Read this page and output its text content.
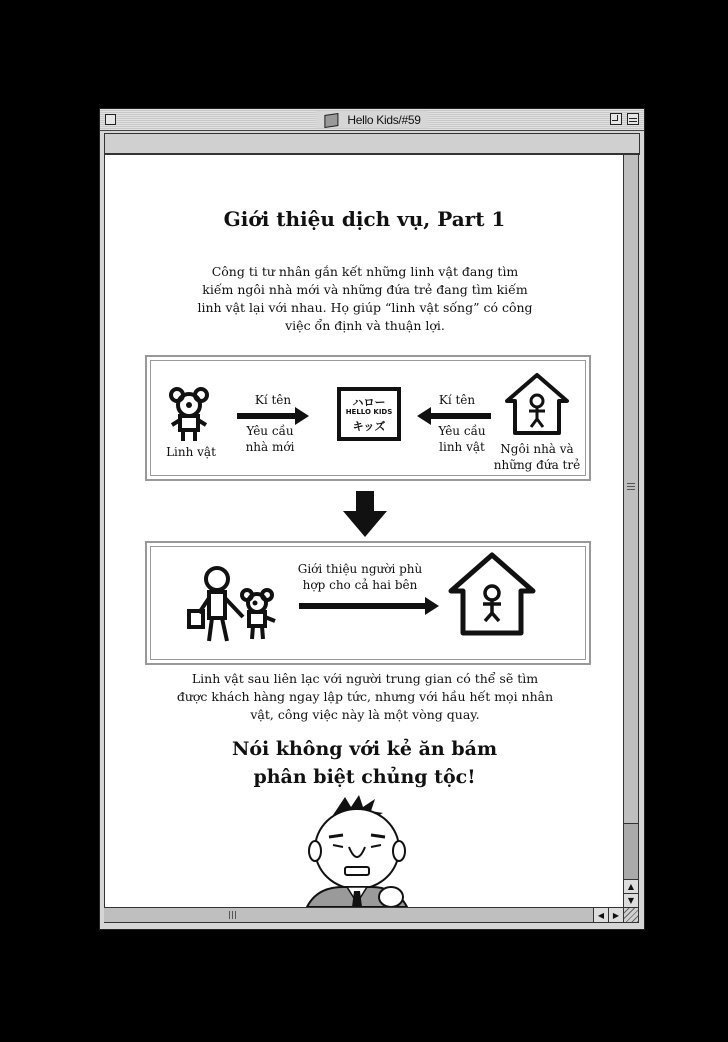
Hello Kids/#59
Giới thiệu dịch vụ, Part 1
Công ti tư nhân gắn kết những linh vật đang tìm kiếm ngôi nhà mới và những đứa trẻ đang tìm kiếm linh vật lại với nhau. Họ giúp “linh vật sống” có công việc ổn định và thuận lợi.
Linh vật
Kí tên
Yêu cầu nhà mới
ハロー
HELLO KIDS
キッズ
Kí tên
Yêu cầu linh vật	Ngôi nhà và những đứa trẻ
Giới thiệu người phù hợp cho cả hai bên
Linh vật sau liên lạc với người trung gian có thể sẽ tìm được khách hàng ngay lập tức, nhưng với hầu hết mọi nhân vật, công việc này là một vòng quay.
Nói không với kẻ ăn bám
phân biệt chủng tộc!
▲
▼
◀	▶
